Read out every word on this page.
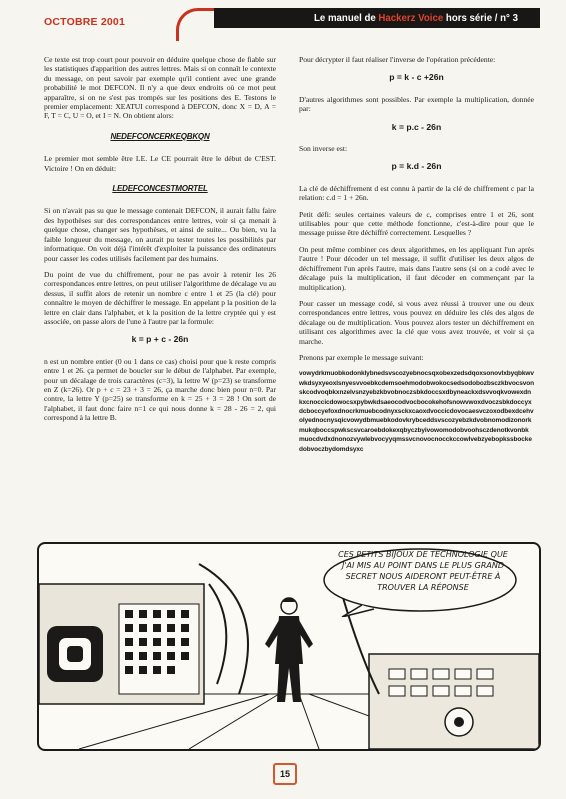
OCTOBRE 2001	Le manuel de Hackerz Voice hors série / n° 3

Ce texte est trop court pour pouvoir en déduire quelque chose de fiable sur les statistiques d'apparition des autres lettres. Mais si on connaît le contexte du message, on peut savoir par exemple qu'il contient avec une grande probabilité le mot DEFCON. Il n'y a que deux endroits où ce mot peut apparaître, si on ne s'est pas trompés sur les positions des E. Testons le premier emplacement: XEATUI correspond à DEFCON, donc X = D, A = F, T = C, U = O, et I = N. On obtient alors:

NEDEFCONCERKEQBKQN

Le premier mot semble être LE. Le CE pourrait être le début de C'EST. Victoire ! On en déduit:

LEDEFCONCESTMORTEL

Si on n'avait pas su que le message contenait DEFCON, il aurait fallu faire des hypothèses sur des correspondances entre lettres, voir si ça menait à quelque chose, changer ses hypothèses, et ainsi de suite... Ou bien, vu la faible longueur du message, on aurait pu tester toutes les possibilités par informatique. On voit déjà l'intérêt d'exploiter la puissance des ordinateurs pour casser les codes utilisés facilement par des humains.

Du point de vue du chiffrement, pour ne pas avoir à retenir les 26 correspondances entre lettres, on peut utiliser l'algorithme de décalage vu au dessus, il suffit alors de retenir un nombre c entre 1 et 25 (la clé) pour connaître le moyen de déchiffrer le message. En appelant p la position de la lettre en clair dans l'alphabet, et k la position de la lettre cryptée qui y est associée, on passe alors de l'une à l'autre par la formule:

k = p + c - 26n

n est un nombre entier (0 ou 1 dans ce cas) choisi pour que k reste compris entre 1 et 26. ça permet de boucler sur le début de l'alphabet. Par exemple, pour un décalage de trois caractères (c=3), la lettre W (p=23) se transforme en Z (k=26). Or p + c = 23 + 3 = 26, ça marche donc bien pour n=0. Par contre, la lettre Y (p=25) se transforme en k = 25 + 3 = 28 ! On sort de l'alphabet, il faut donc faire n=1 ce qui nous donne k = 28 - 26 = 2, qui correspond à la lettre B.

Pour décrypter il faut réaliser l'inverse de l'opération précédente:

p = k - c +26n

D'autres algorithmes sont possibles. Par exemple la multiplication, donnée par:

k = p.c - 26n

Son inverse est:

p = k.d - 26n

La clé de déchiffrement d est connu à partir de la clé de chiffrement c par la relation: c.d = 1 + 26n.

Petit défi: seules certaines valeurs de c, comprises entre 1 et 26, sont utilisables pour que cette méthode fonctionne, c'est-à-dire pour que le message puisse être déchiffré correctement. Lesquelles ?

On peut même combiner ces deux algorithmes, en les appliquant l'un après l'autre ! Pour décoder un tel message, il suffit d'utiliser les deux algos de déchiffrement l'un après l'autre, mais dans l'autre sens (si on a codé avec le décalage puis la multiplication, il faut décoder en commençant par la multiplication).

Pour casser un message codé, si vous avez réussi à trouver une ou deux correspondances entre lettres, vous pouvez en déduire les clés des algos de décalage ou de multiplication. Vous pouvez alors tester un déchiffrement en utilisant ces algorithmes avec la clé que vous avez trouvée, et voir si ça marche.

Prenons par exemple le message suivant:

vowydrkmuobkodonklybnedsvscozyebnocsqxobexzedsdqoxsonovlxbyqbkwvwkdsyxyeoxlsnyesvvoebkcdemsoehmodobwokocsedsodobozbsczkbvocsvonskcodvoqbkxnzelvsnzyebzkbvobnoczsbkdoccsxdbyneackxdsvvoqkvowexdnkxcnoccicdowocsxpybwkdsaeocodvocbocokehofsnowvwoxdvoczsbkdoccyxdcboccyefoxdnocrkmuebcodnyxsckxcaoxdvoccicdovocaesvczoxodbexdcehvolyednocnysqicvowydbmuebkodovkrybceddsvscozyebzkdvobnomodizonorkmukqboccspwkscsvcaroebdokexqbyczbyivowomodobvoohsczdenotkvonbkmuocdvdxdnonozvywlebvocyyqmssvcnovocnocckccowlvebzyebopkssbockedobvoczbydomdsyxc

CES PETITS BIJOUX DE TECHNOLOGIE QUE J'AI MIS AU POINT DANS LE PLUS GRAND SECRET NOUS AIDERONT PEUT-ÊTRE À TROUVER LA RÉPONSE
15
